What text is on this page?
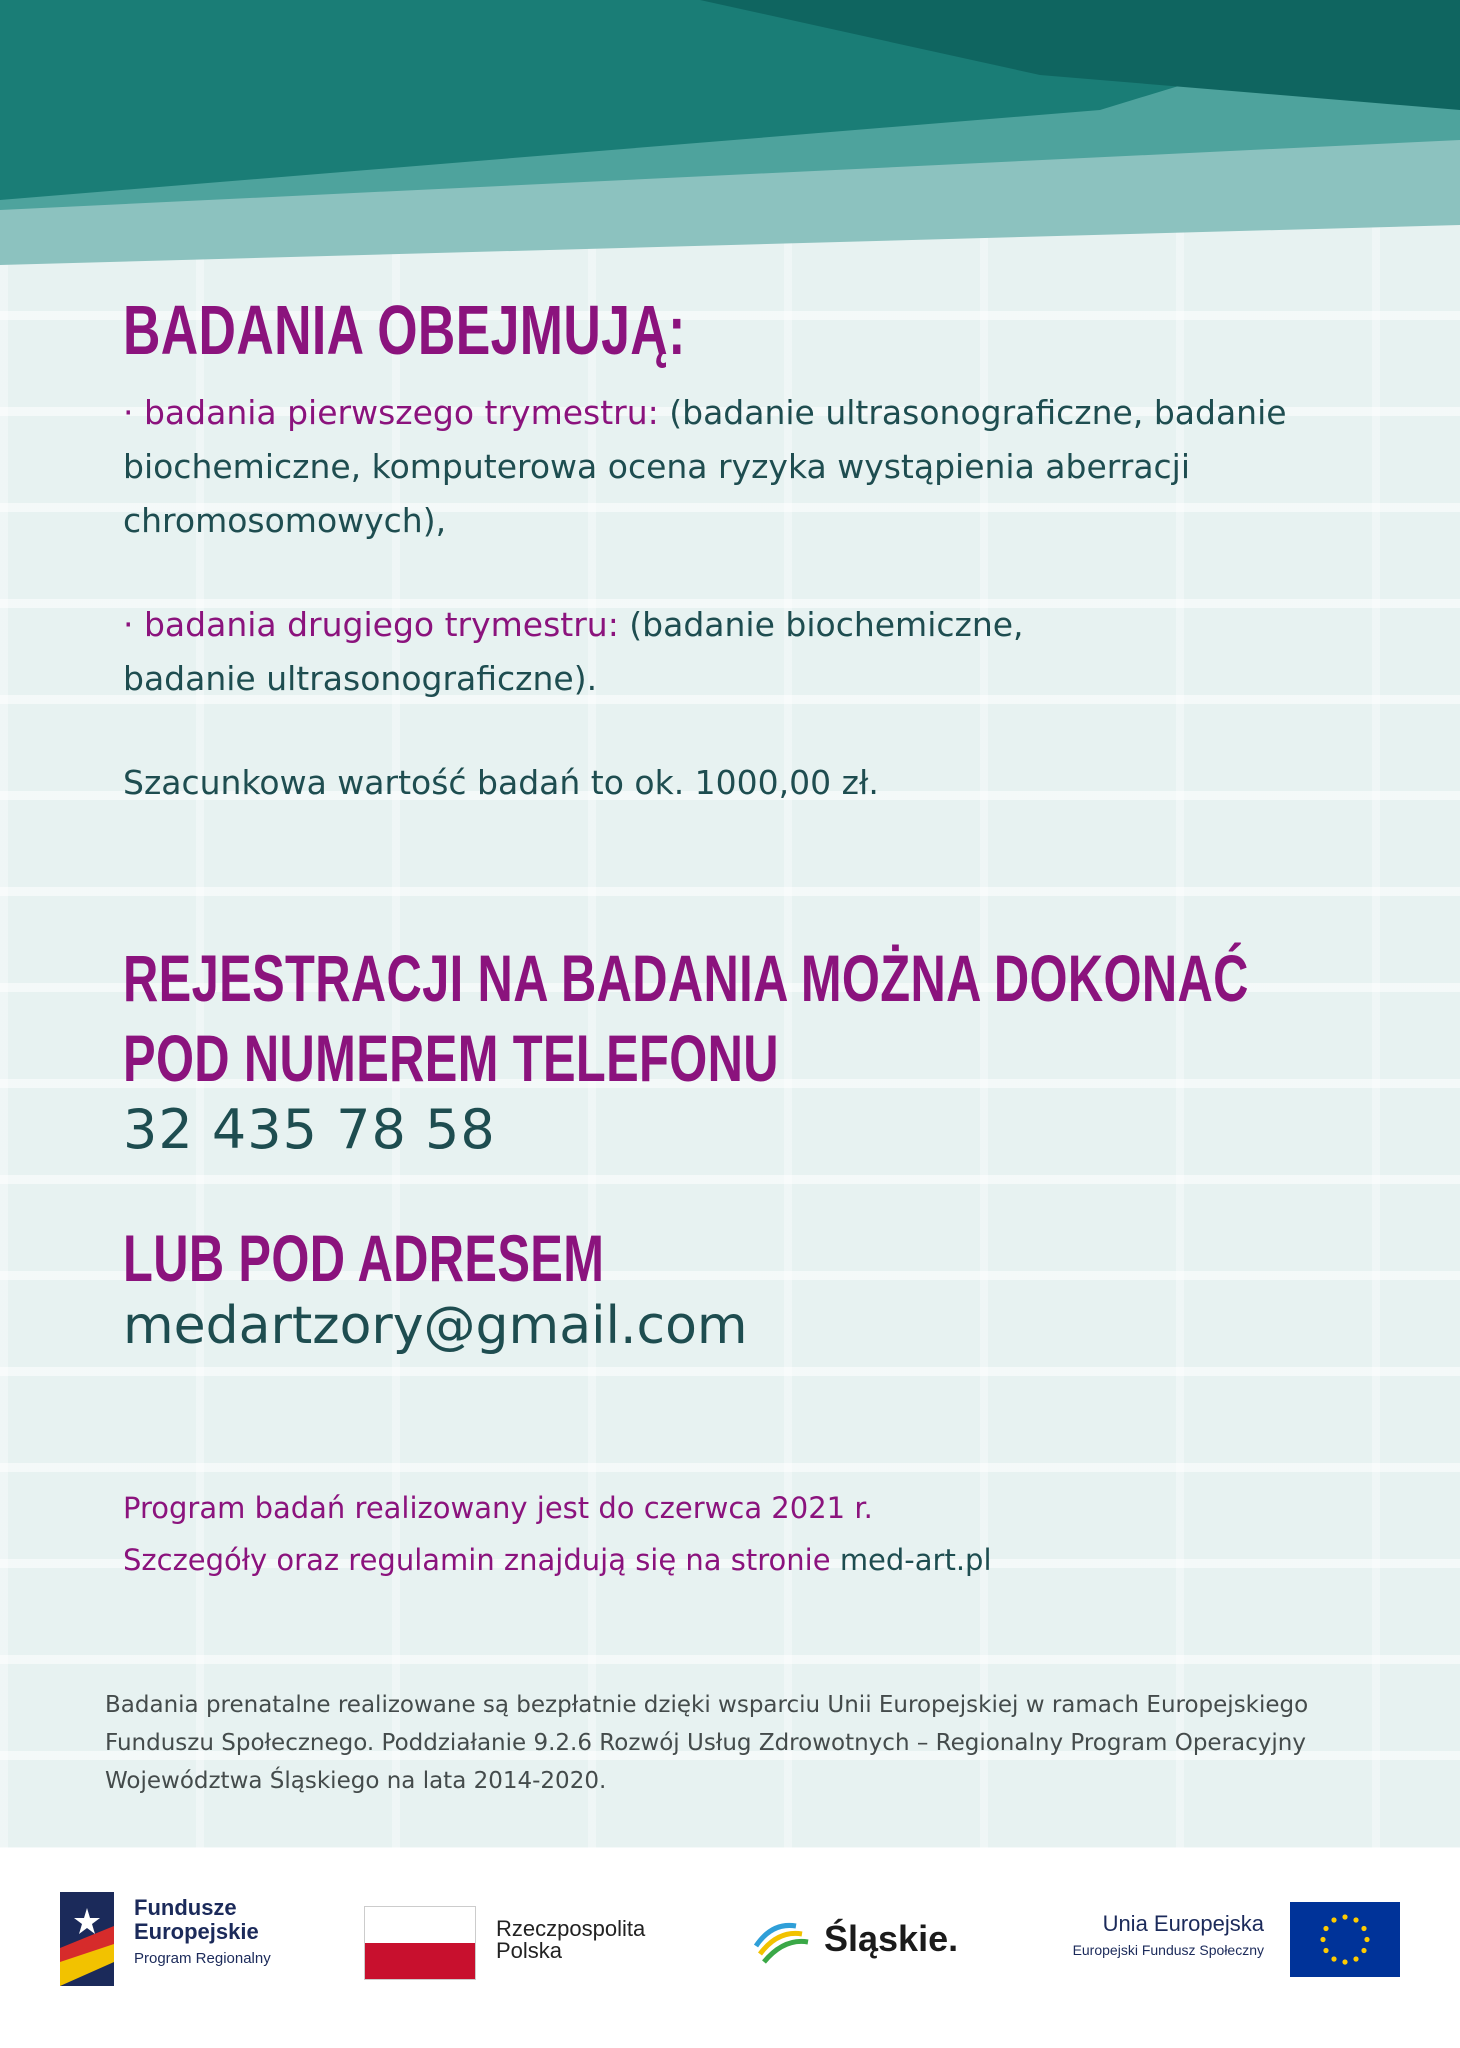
BADANIA OBEJMUJĄ:

· badania pierwszego trymestru: (badanie ultrasonograficzne, badanie biochemiczne, komputerowa ocena ryzyka wystąpienia aberracji chromosomowych),

· badania drugiego trymestru: (badanie biochemiczne,
badanie ultrasonograficzne).

Szacunkowa wartość badań to ok. 1000,00 zł.

REJESTRACJI NA BADANIA MOŻNA DOKONAĆ
POD NUMEREM TELEFONU

32 435 78 58

LUB POD ADRESEM

medartzory@gmail.com

Program badań realizowany jest do czerwca 2021 r.

Szczegóły oraz regulamin znajdują się na stronie med-art.pl

Badania prenatalne realizowane są bezpłatnie dzięki wsparciu Unii Europejskiej w ramach Europejskiego Funduszu Społecznego. Poddziałanie 9.2.6 Rozwój Usług Zdrowotnych – Regionalny Program Operacyjny Województwa Śląskiego na lata 2014-2020.

Fundusze
Europejskie
Program Regionalny
Rzeczpospolita
Polska	Śląskie.	Unia Europejska
Europejski Fundusz Społeczny
